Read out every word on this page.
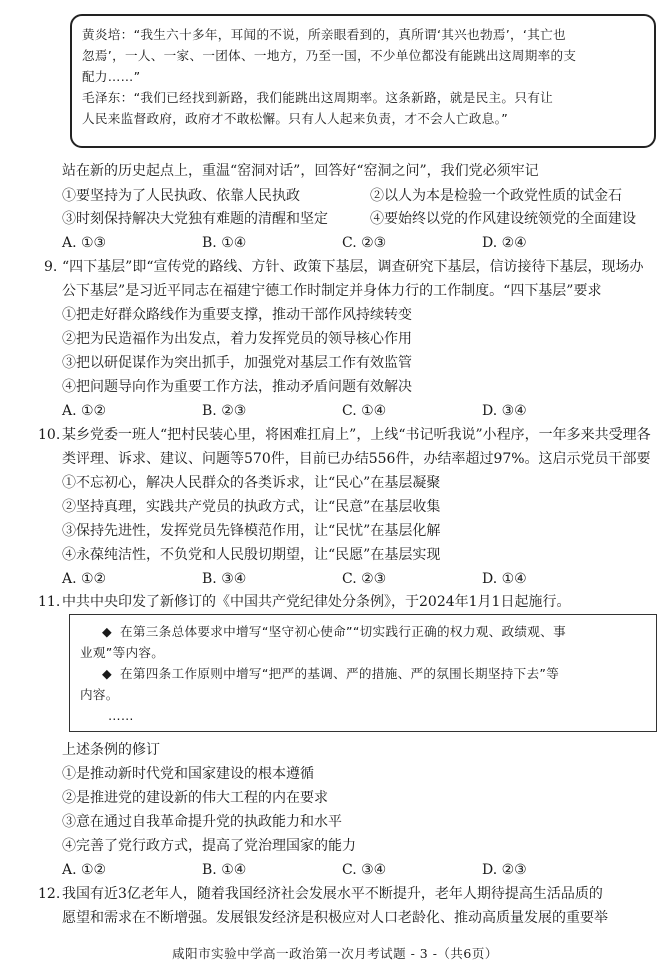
黄炎培：“我生六十多年，耳闻的不说，所亲眼看到的，真所谓‘其兴也勃焉’，‘其亡也

忽焉’，一人、一家、一团体、一地方，乃至一国，不少单位都没有能跳出这周期率的支

配力……”

毛泽东：“我们已经找到新路，我们能跳出这周期率。这条新路，就是民主。只有让

人民来监督政府，政府才不敢松懈。只有人人起来负责，才不会人亡政息。”

站在新的历史起点上，重温“窑洞对话”，回答好“窑洞之问”，我们党必须牢记
①要坚持为了人民执政、依靠人民执政	②以人为本是检验一个政党性质的试金石
③时刻保持解决大党独有难题的清醒和坚定	④要始终以党的作风建设统领党的全面建设
A. ①③	B. ①④	C. ②③	D. ②④
9. “四下基层”即“宣传党的路线、方针、政策下基层，调查研究下基层，信访接待下基层，现场办
公下基层”是习近平同志在福建宁德工作时制定并身体力行的工作制度。“四下基层”要求
①把走好群众路线作为重要支撑，推动干部作风持续转变
②把为民造福作为出发点，着力发挥党员的领导核心作用
③把以研促谋作为突出抓手，加强党对基层工作有效监管
④把问题导向作为重要工作方法，推动矛盾问题有效解决
A. ①②	B. ②③	C. ①④	D. ③④
10. 某乡党委一班人“把村民装心里，将困难扛肩上”，上线“书记听我说”小程序，一年多来共受理各
类评理、诉求、建议、问题等570件，目前已办结556件，办结率超过97%。这启示党员干部要
①不忘初心，解决人民群众的各类诉求，让“民心”在基层凝聚
②坚持真理，实践共产党员的执政方式，让“民意”在基层收集
③保持先进性，发挥党员先锋模范作用，让“民忧”在基层化解
④永葆纯洁性，不负党和人民殷切期望，让“民愿”在基层实现
A. ①②	B. ③④	C. ②③	D. ①④
11. 中共中央印发了新修订的《中国共产党纪律处分条例》，于2024年1月1日起施行。

◆ 在第三条总体要求中增写“坚守初心使命”“切实践行正确的权力观、政绩观、事

业观”等内容。

◆ 在第四条工作原则中增写“把严的基调、严的措施、严的氛围长期坚持下去”等

内容。

……

上述条例的修订
①是推动新时代党和国家建设的根本遵循
②是推进党的建设新的伟大工程的内在要求
③意在通过自我革命提升党的执政能力和水平
④完善了党行政方式，提高了党治理国家的能力
A. ①②	B. ①④	C. ③④	D. ②③
12. 我国有近3亿老年人，随着我国经济社会发展水平不断提升，老年人期待提高生活品质的
愿望和需求在不断增强。发展银发经济是积极应对人口老龄化、推动高质量发展的重要举
咸阳市实验中学高一政治第一次月考试题 - 3 -（共6页）
